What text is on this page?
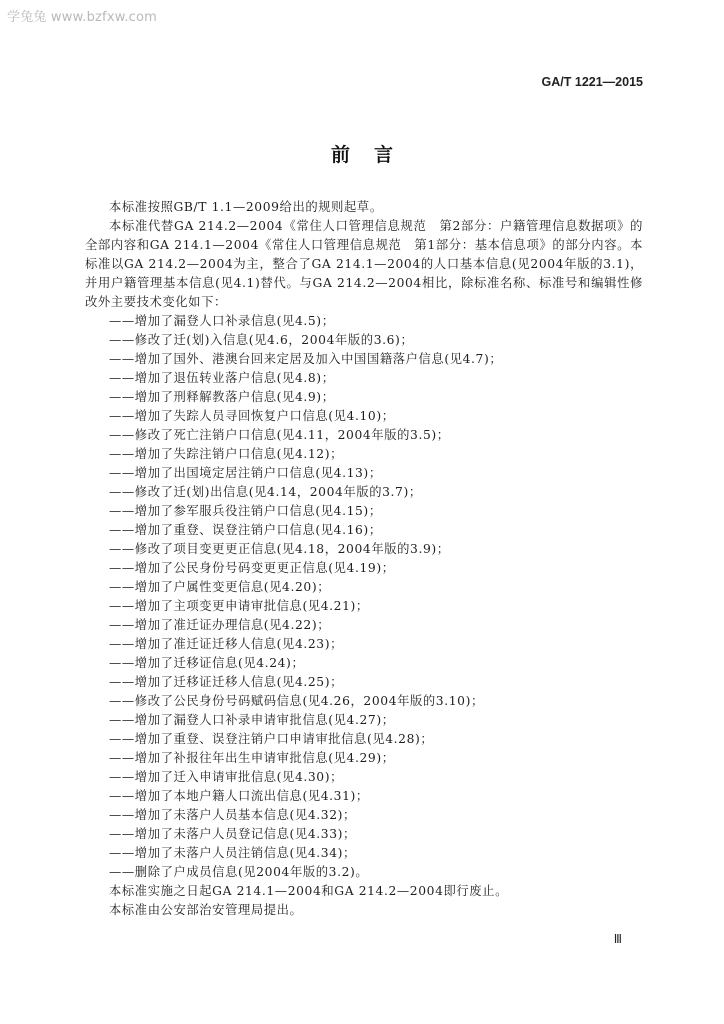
学兔兔 www.bzfxw.com
GA/T 1221—2015
前言

本标准按照GB/T 1.1—2009给出的规则起草。

本标准代替GA 214.2—2004《常住人口管理信息规范　第2部分：户籍管理信息数据项》的全部内容和GA 214.1—2004《常住人口管理信息规范　第1部分：基本信息项》的部分内容。本标准以GA 214.2—2004为主，整合了GA 214.1—2004的人口基本信息(见2004年版的3.1)，并用户籍管理基本信息(见4.1)替代。与GA 214.2—2004相比，除标准名称、标准号和编辑性修改外主要技术变化如下：

——增加了漏登人口补录信息(见4.5)；
——修改了迁(划)入信息(见4.6，2004年版的3.6)；
——增加了国外、港澳台回来定居及加入中国国籍落户信息(见4.7)；
——增加了退伍转业落户信息(见4.8)；
——增加了刑释解教落户信息(见4.9)；
——增加了失踪人员寻回恢复户口信息(见4.10)；
——修改了死亡注销户口信息(见4.11，2004年版的3.5)；
——增加了失踪注销户口信息(见4.12)；
——增加了出国境定居注销户口信息(见4.13)；
——修改了迁(划)出信息(见4.14，2004年版的3.7)；
——增加了参军服兵役注销户口信息(见4.15)；
——增加了重登、误登注销户口信息(见4.16)；
——修改了项目变更更正信息(见4.18，2004年版的3.9)；
——增加了公民身份号码变更更正信息(见4.19)；
——增加了户属性变更信息(见4.20)；
——增加了主项变更申请审批信息(见4.21)；
——增加了准迁证办理信息(见4.22)；
——增加了准迁证迁移人信息(见4.23)；
——增加了迁移证信息(见4.24)；
——增加了迁移证迁移人信息(见4.25)；
——修改了公民身份号码赋码信息(见4.26，2004年版的3.10)；
——增加了漏登人口补录申请审批信息(见4.27)；
——增加了重登、误登注销户口申请审批信息(见4.28)；
——增加了补报往年出生申请审批信息(见4.29)；
——增加了迁入申请审批信息(见4.30)；
——增加了本地户籍人口流出信息(见4.31)；
——增加了未落户人员基本信息(见4.32)；
——增加了未落户人员登记信息(见4.33)；
——增加了未落户人员注销信息(见4.34)；
——删除了户成员信息(见2004年版的3.2)。

本标准实施之日起GA 214.1—2004和GA 214.2—2004即行废止。

本标准由公安部治安管理局提出。

Ⅲ
